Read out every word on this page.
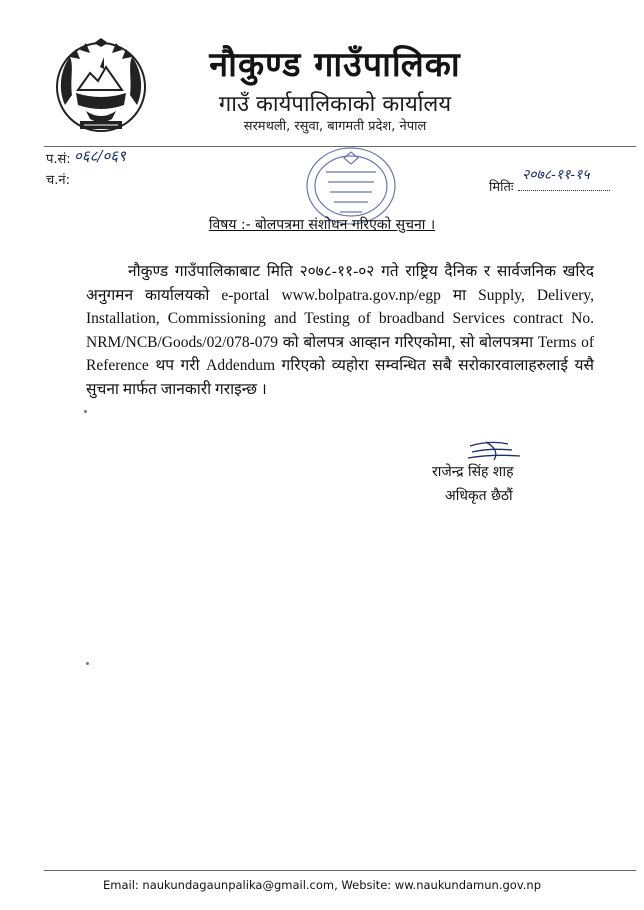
नौकुण्ड गाउँपालिका
गाउँ कार्यपालिकाको कार्यालय
सरमथली, रसुवा, बागमती प्रदेश, नेपाल
प.सं: ०६८/०६९
च.नं:	२०७८-११-१५
मितिः
विषय :- बोलपत्रमा संशोधन गरिएको सुचना ।
नौकुण्ड गाउँपालिकाबाट मिति २०७८-११-०२ गते राष्ट्रिय दैनिक र सार्वजनिक खरिद अनुगमन कार्यालयको e-portal www.bolpatra.gov.np/egp मा Supply, Delivery, Installation, Commissioning and Testing of broadband Services contract No. NRM/NCB/Goods/02/078-079 को बोलपत्र आव्हान गरिएकोमा, सो बोलपत्रमा Terms of Reference थप गरी Addendum गरिएको व्यहोरा सम्वन्धित सबै सरोकारवालाहरुलाई यसै सुचना मार्फत जानकारी गराइन्छ ।
राजेन्द्र सिंह शाह
अधिकृत छैठौं
Email: naukundagaunpalika@gmail.com, Website: ww.naukundamun.gov.np
